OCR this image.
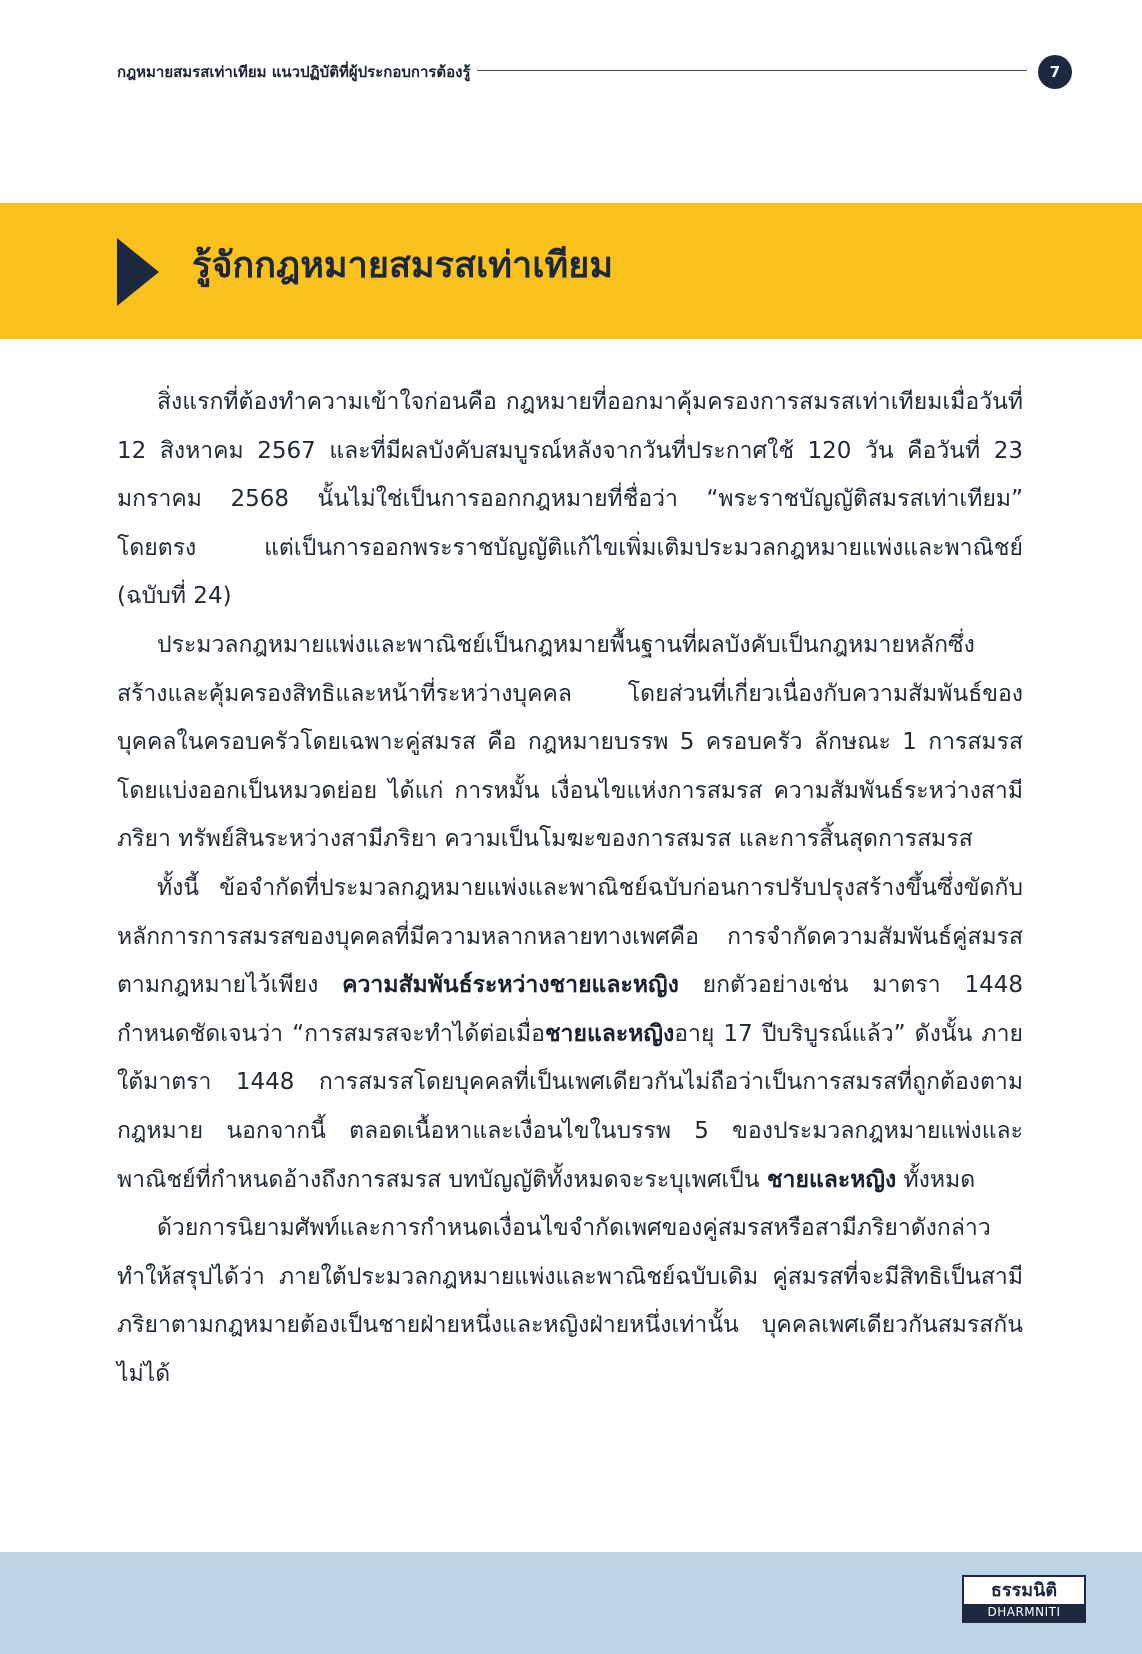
กฎหมายสมรสเท่าเทียม แนวปฏิบัติที่ผู้ประกอบการต้องรู้	7
รู้จักกฎหมายสมรสเท่าเทียม

สิ่งแรกที่ต้องทำความเข้าใจก่อนคือ กฎหมายที่ออกมาคุ้มครองการสมรสเท่าเทียมเมื่อวันที่ 12 สิงหาคม 2567 และที่มีผลบังคับสมบูรณ์หลังจากวันที่ประกาศใช้ 120 วัน คือวันที่ 23 มกราคม 2568 นั้นไม่ใช่เป็นการออกกฎหมายที่ชื่อว่า “พระราชบัญญัติสมรสเท่าเทียม” โดยตรง แต่เป็นการออกพระราชบัญญัติแก้ไขเพิ่มเติมประมวลกฎหมายแพ่งและพาณิชย์ (ฉบับที่ 24)

ประมวลกฎหมายแพ่งและพาณิชย์เป็นกฎหมายพื้นฐานที่ผลบังคับเป็นกฎหมายหลักซึ่งสร้างและคุ้มครองสิทธิและหน้าที่ระหว่างบุคคล โดยส่วนที่เกี่ยวเนื่องกับความสัมพันธ์ของบุคคลในครอบครัวโดยเฉพาะคู่สมรส คือ กฎหมายบรรพ 5 ครอบครัว ลักษณะ 1 การสมรส โดยแบ่งออกเป็นหมวดย่อย ได้แก่ การหมั้น เงื่อนไขแห่งการสมรส ความสัมพันธ์ระหว่างสามีภริยา ทรัพย์สินระหว่างสามีภริยา ความเป็นโมฆะของการสมรส และการสิ้นสุดการสมรส

ทั้งนี้ ข้อจำกัดที่ประมวลกฎหมายแพ่งและพาณิชย์ฉบับก่อนการปรับปรุงสร้างขึ้นซึ่งขัดกับหลักการการสมรสของบุคคลที่มีความหลากหลายทางเพศคือ การจำกัดความสัมพันธ์คู่สมรสตามกฎหมายไว้เพียง ความสัมพันธ์ระหว่างชายและหญิง ยกตัวอย่างเช่น มาตรา 1448 กำหนดชัดเจนว่า “การสมรสจะทำได้ต่อเมื่อชายและหญิงอายุ 17 ปีบริบูรณ์แล้ว” ดังนั้น ภายใต้มาตรา 1448 การสมรสโดยบุคคลที่เป็นเพศเดียวกันไม่ถือว่าเป็นการสมรสที่ถูกต้องตามกฎหมาย นอกจากนี้ ตลอดเนื้อหาและเงื่อนไขในบรรพ 5 ของประมวลกฎหมายแพ่งและพาณิชย์ที่กำหนดอ้างถึงการสมรส บทบัญญัติทั้งหมดจะระบุเพศเป็น ชายและหญิง ทั้งหมด

ด้วยการนิยามศัพท์และการกำหนดเงื่อนไขจำกัดเพศของคู่สมรสหรือสามีภริยาดังกล่าว ทำให้สรุปได้ว่า ภายใต้ประมวลกฎหมายแพ่งและพาณิชย์ฉบับเดิม คู่สมรสที่จะมีสิทธิเป็นสามีภริยาตามกฎหมายต้องเป็นชายฝ่ายหนึ่งและหญิงฝ่ายหนึ่งเท่านั้น บุคคลเพศเดียวกันสมรสกันไม่ได้

ธรรมนิติ
DHARMNITI
